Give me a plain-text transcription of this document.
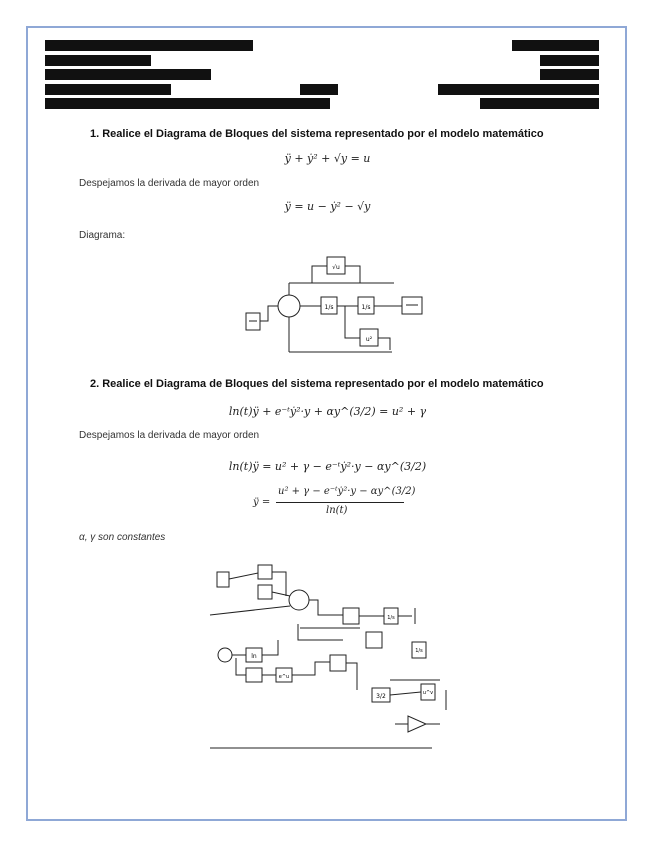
1. Realice el Diagrama de Bloques del sistema representado por el modelo matemático
ÿ + ẏ² + √y = u
Despejamos la derivada de mayor orden
ÿ = u − ẏ² − √y
Diagrama:
√u
1/s	1/s
u²
2. Realice el Diagrama de Bloques del sistema representado por el modelo matemático
ln(t)ÿ + e⁻ᵗẏ²·y + αy^(3/2) = u² + γ
Despejamos la derivada de mayor orden
ln(t)ÿ = u² + γ − e⁻ᵗẏ²·y − αy^(3/2)
ÿ =
u² + γ − e⁻ᵗẏ²·y − αy^(3/2)
ln(t)
α, γ son constantes
ln
e^u
1/s
1/s
u^v
3/2
